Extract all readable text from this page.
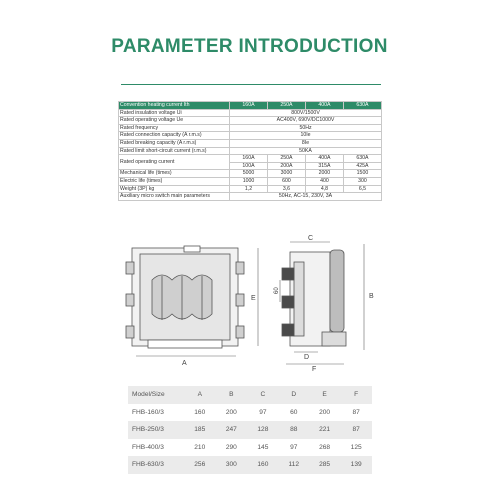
PARAMETER INTRODUCTION
Convention heating current Ith	160A	250A	400A	630A
Rated insulation voltage Ui	800V/1500V			
Rated operating voltage Ue	AC400V, 690V/DC1000V			
Rated frequency	50Hz			
Rated connection capacity (A r.m.s)	10Ie			
Rated breaking capacity (A r.m.s)	8Ie			
Rated limit short-circuit current (r.m.s)	50KA			
Rated operating current	160A	250A	400A	630A
	100A	200A	315A	425A
Mechanical life (times)	5000	3000	2000	1500
Electric life (times)	1000	600	400	300
Weight (3P) kg	1,2	3,6	4,8	6,5
Auxiliary micro switch main parameters	50Hz, AC-15, 230V, 3A			
A
B
C
D
E
F
60
Model/Size	A	B	C	D	E	F
FHB-160/3	160	200	97	60	200	87
FHB-250/3	185	247	128	88	221	87
FHB-400/3	210	290	145	97	268	125
FHB-630/3	256	300	160	112	285	139
